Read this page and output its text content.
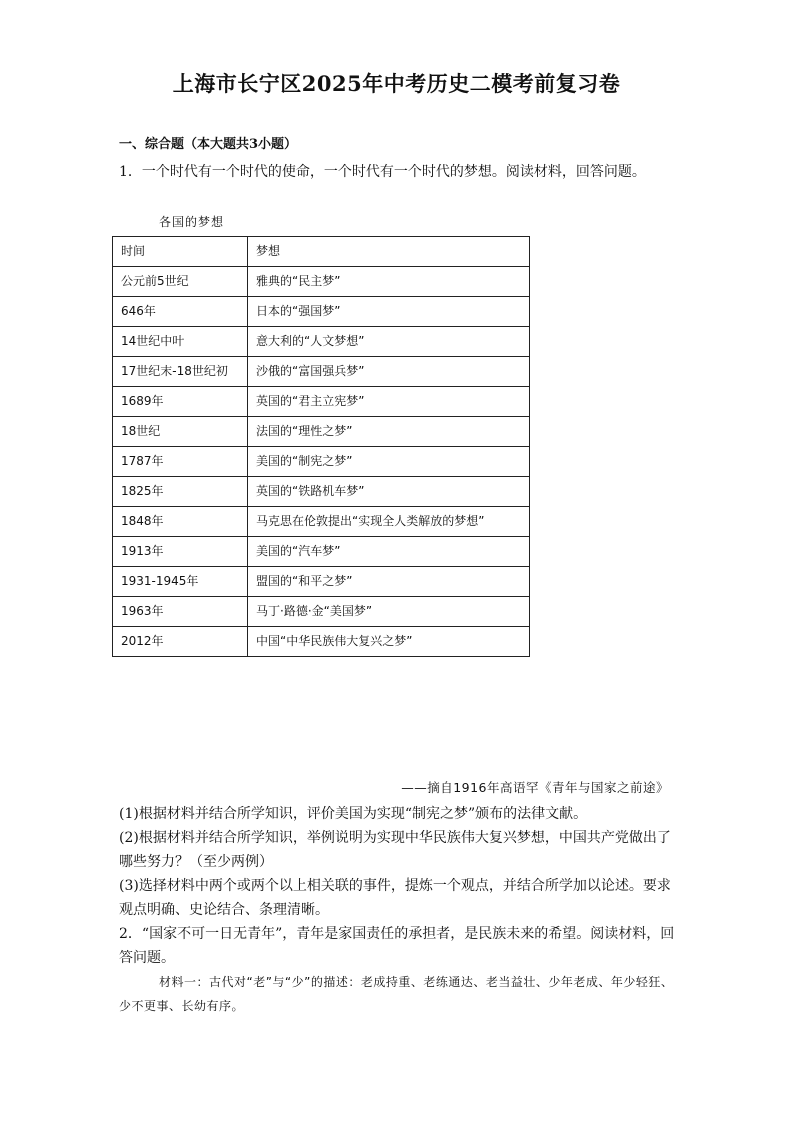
上海市长宁区2025年中考历史二模考前复习卷
一、综合题（本大题共3小题）
1．一个时代有一个时代的使命，一个时代有一个时代的梦想。阅读材料，回答问题。
各国的梦想
时间	梦想
公元前5世纪	雅典的“民主梦”
646年	日本的“强国梦”
14世纪中叶	意大利的“人文梦想”
17世纪末-18世纪初	沙俄的“富国强兵梦”
1689年	英国的“君主立宪梦”
18世纪	法国的“理性之梦”
1787年	美国的“制宪之梦”
1825年	英国的“铁路机车梦”
1848年	马克思在伦敦提出“实现全人类解放的梦想”
1913年	美国的“汽车梦”
1931-1945年	盟国的“和平之梦”
1963年	马丁·路德·金“美国梦”
2012年	中国“中华民族伟大复兴之梦”
——摘自1916年高语罕《青年与国家之前途》

(1)根据材料并结合所学知识，评价美国为实现“制宪之梦”颁布的法律文献。

(2)根据材料并结合所学知识，举例说明为实现中华民族伟大复兴梦想，中国共产党做出了哪些努力？（至少两例）

(3)选择材料中两个或两个以上相关联的事件，提炼一个观点，并结合所学加以论述。要求观点明确、史论结合、条理清晰。

2．“国家不可一日无青年”，青年是家国责任的承担者，是民族未来的希望。阅读材料，回答问题。

材料一：古代对“老”与“少”的描述：老成持重、老练通达、老当益壮、少年老成、年少轻狂、少不更事、长幼有序。
